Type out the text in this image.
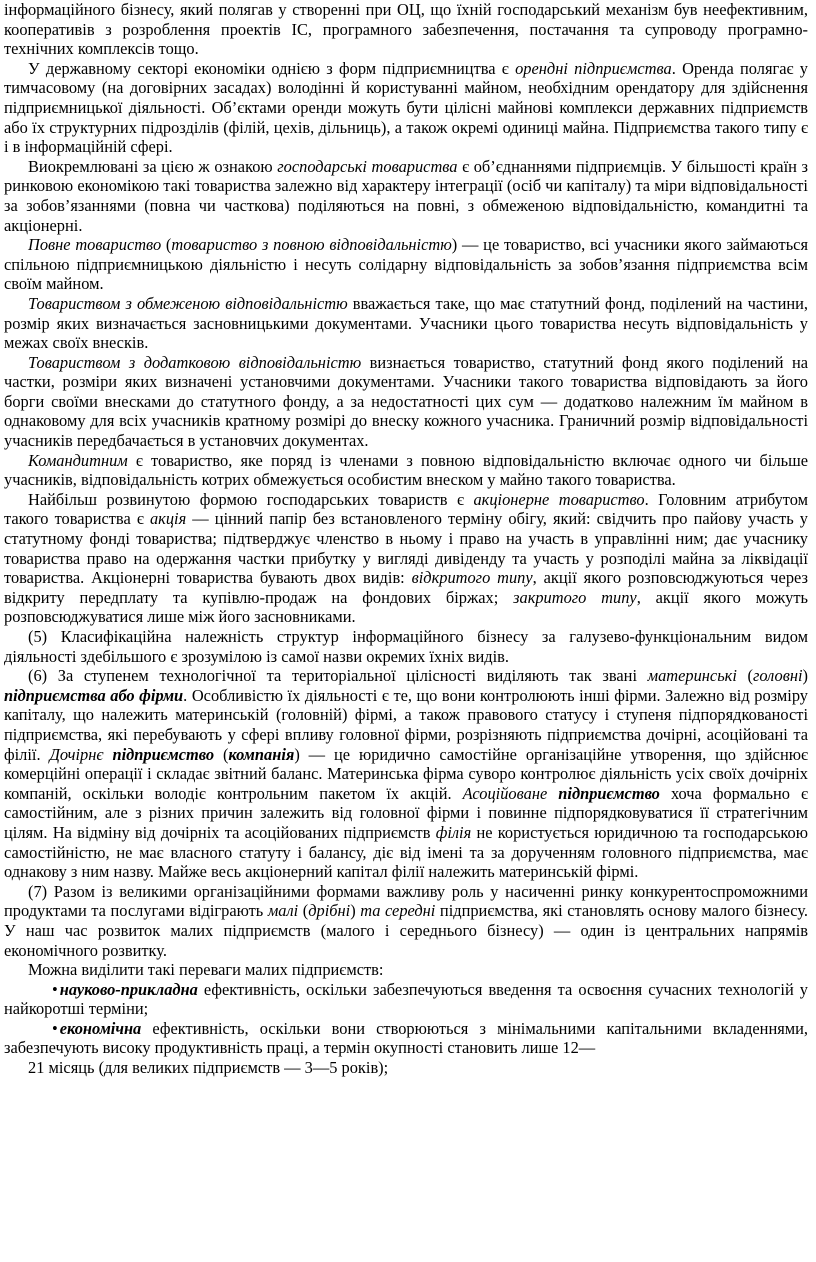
інформаційного бізнесу, який полягав у створенні при ОЦ, що їхній господарський механізм був неефективним, кооперативів з розроблення проектів ІС, програмного забезпечення, постачання та супроводу програмно-технічних комплексів тощо.

У державному секторі економіки однією з форм підприємництва є орендні підприємства. Оренда полягає у тимчасовому (на договірних засадах) володінні й користуванні майном, необхідним орендатору для здійснення підприємницької діяльності. Об’єктами оренди можуть бути цілісні майнові комплекси державних підприємств або їх структурних підрозділів (філій, цехів, дільниць), а також окремі одиниці майна. Підприємства такого типу є і в інформаційній сфері.

Виокремлювані за цією ж ознакою господарські товариства є об’єднаннями підприємців. У більшості країн з ринковою економікою такі товариства залежно від характеру інтеграції (осіб чи капіталу) та міри відповідальності за зобов’язаннями (повна чи часткова) поділяються на повні, з обмеженою відповідальністю, командитні та акціонерні.

Повне товариство (товариство з повною відповідальністю) — це товариство, всі учасники якого займаються спільною підприємницькою діяльністю і несуть солідарну відповідальність за зобов’язання підприємства всім своїм майном.

Товариством з обмеженою відповідальністю вважається таке, що має статутний фонд, поділений на частини, розмір яких визначається засновницькими документами. Учасники цього товариства несуть відповідальність у межах своїх внесків.

Товариством з додатковою відповідальністю визнається товариство, статутний фонд якого поділений на частки, розміри яких визначені установчими документами. Учасники такого товариства відповідають за його борги своїми внесками до статутного фонду, а за недостатності цих сум — додатково належним їм майном в однаковому для всіх учасників кратному розмірі до внеску кожного учасника. Граничний розмір відповідальності учасників передбачається в установчих документах.

Командитним є товариство, яке поряд із членами з повною відповідальністю включає одного чи більше учасників, відповідальність котрих обмежується особистим внеском у майно такого товариства.

Найбільш розвинутою формою господарських товариств є акціонерне товариство. Головним атрибутом такого товариства є акція — цінний папір без встановленого терміну обігу, який: свідчить про пайову участь у статутному фонді товариства; підтверджує членство в ньому і право на участь в управлінні ним; дає учаснику товариства право на одержання частки прибутку у вигляді дивіденду та участь у розподілі майна за ліквідації товариства. Акціонерні товариства бувають двох видів: відкритого типу, акції якого розповсюджуються через відкриту передплату та купівлю-продаж на фондових біржах; закритого типу, акції якого можуть розповсюджуватися лише між його засновниками.

(5) Класифікаційна належність структур інформаційного бізнесу за галузево-функціональним видом діяльності здебільшого є зрозумілою із самої назви окремих їхніх видів.

(6) За ступенем технологічної та територіальної цілісності виділяють так звані материнські (головні) підприємства або фірми. Особливістю їх діяльності є те, що вони контролюють інші фірми. Залежно від розміру капіталу, що належить материнській (головній) фірмі, а також правового статусу і ступеня підпорядкованості підприємства, які перебувають у сфері впливу головної фірми, розрізняють підприємства дочірні, асоційовані та філії. Дочірнє підприємство (компанія) — це юридично самостійне організаційне утворення, що здійснює комерційні операції і складає звітний баланс. Материнська фірма суворо контролює діяльність усіх своїх дочірніх компаній, оскільки володіє контрольним пакетом їх акцій. Асоційоване підприємство хоча формально є самостійним, але з різних причин залежить від головної фірми і повинне підпорядковуватися її стратегічним цілям. На відміну від дочірніх та асоційованих підприємств філія не користується юридичною та господарською самостійністю, не має власного статуту і балансу, діє від імені та за дорученням головного підприємства, має однакову з ним назву. Майже весь акціонерний капітал філії належить материнській фірмі.

(7) Разом із великими організаційними формами важливу роль у насиченні ринку конкурентоспроможними продуктами та послугами відіграють малі (дрібні) та середні підприємства, які становлять основу малого бізнесу. У наш час розвиток малих підприємств (малого і середнього бізнесу) — один із центральних напрямів економічного розвитку.

Можна виділити такі переваги малих підприємств:

• науково-прикладна ефективність, оскільки забезпечуються введення та освоєння сучасних технологій у найкоротші терміни;

• економічна ефективність, оскільки вони створюються з мінімальними капітальними вкладеннями, забезпечують високу продуктивність праці, а термін окупності становить лише 12—

21 місяць (для великих підприємств — 3—5 років);
